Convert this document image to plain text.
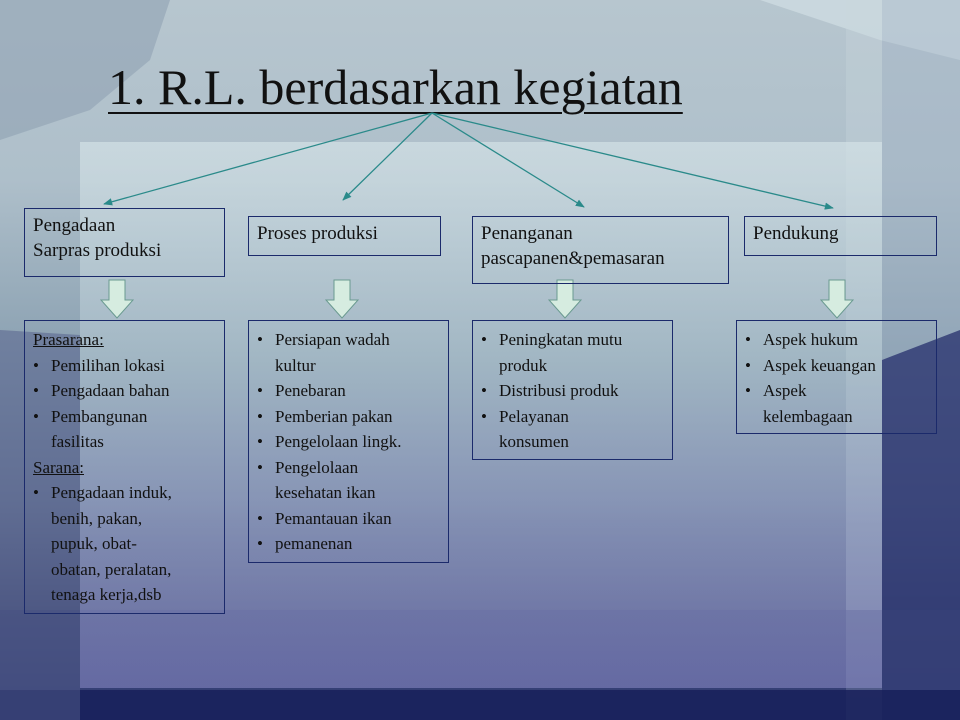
1. R.L. berdasarkan kegiatan
Pengadaan
Sarpras produksi
Proses produksi	Penanganan
pascapanen&pemasaran
Pendukung
Prasarana:
• Pemilihan lokasi
• Pengadaan bahan
• Pembangunan
fasilitas
Sarana:
• Pengadaan induk,
benih, pakan,
pupuk, obat-
obatan, peralatan,
tenaga kerja,dsb
• Persiapan wadah
kultur
• Penebaran
• Pemberian pakan
• Pengelolaan lingk.
• Pengelolaan
kesehatan ikan
• Pemantauan ikan
• pemanenan
• Peningkatan mutu
produk
• Distribusi produk
• Pelayanan
konsumen
• Aspek hukum
• Aspek keuangan
• Aspek
kelembagaan
